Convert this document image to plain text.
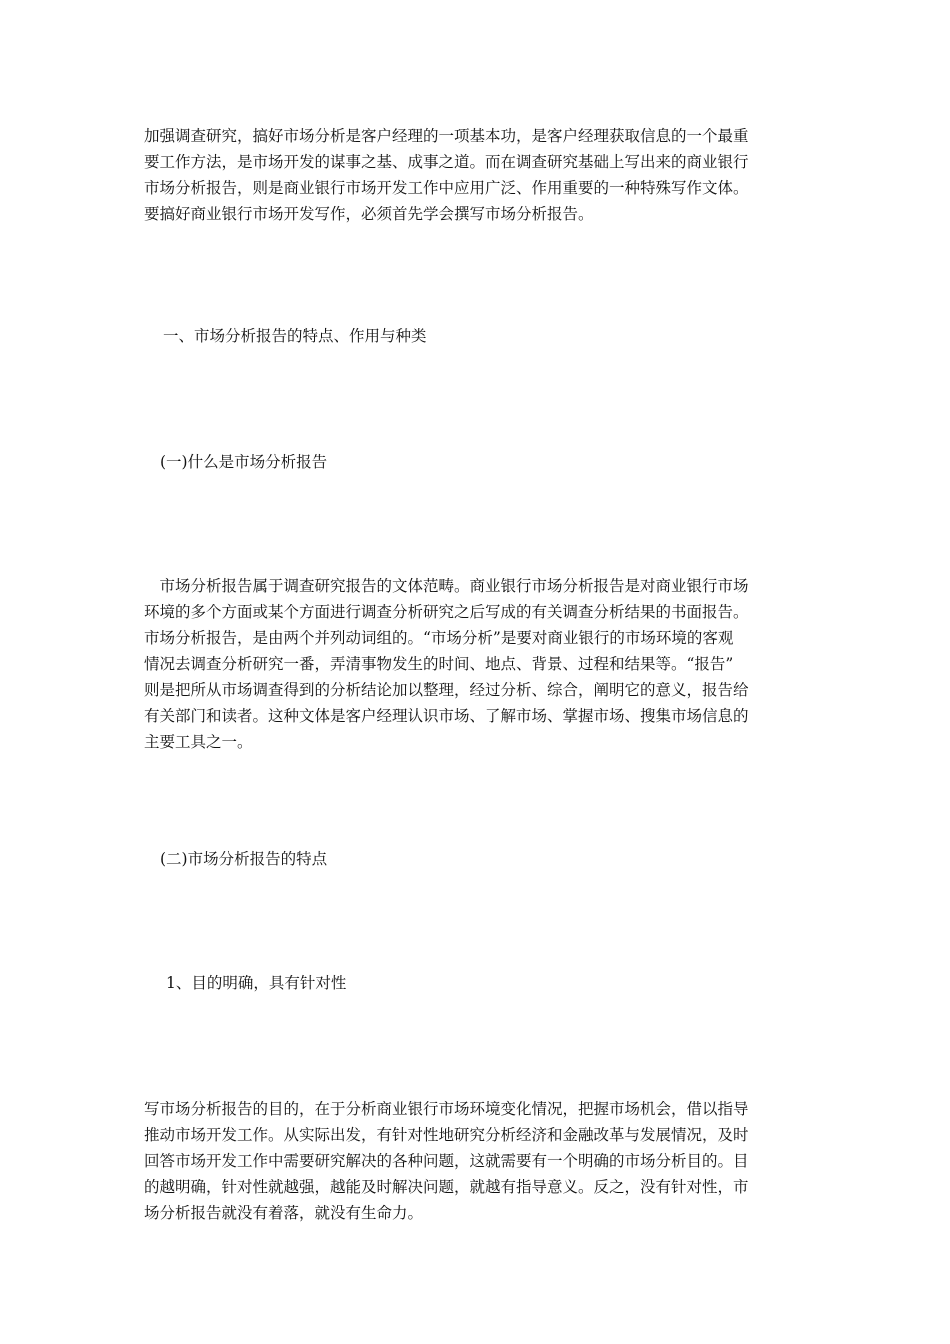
加强调查研究，搞好市场分析是客户经理的一项基本功，是客户经理获取信息的一个最重
要工作方法，是市场开发的谋事之基、成事之道。而在调查研究基础上写出来的商业银行
市场分析报告，则是商业银行市场开发工作中应用广泛、作用重要的一种特殊写作文体。
要搞好商业银行市场开发写作，必须首先学会撰写市场分析报告。
一、市场分析报告的特点、作用与种类
(一)什么是市场分析报告
　市场分析报告属于调查研究报告的文体范畴。商业银行市场分析报告是对商业银行市场
环境的多个方面或某个方面进行调查分析研究之后写成的有关调查分析结果的书面报告。
市场分析报告，是由两个并列动词组的。“市场分析”是要对商业银行的市场环境的客观
情况去调查分析研究一番，弄清事物发生的时间、地点、背景、过程和结果等。“报告”
则是把所从市场调查得到的分析结论加以整理，经过分析、综合，阐明它的意义，报告给
有关部门和读者。这种文体是客户经理认识市场、了解市场、掌握市场、搜集市场信息的
主要工具之一。
(二)市场分析报告的特点
1、目的明确，具有针对性
写市场分析报告的目的，在于分析商业银行市场环境变化情况，把握市场机会，借以指导
推动市场开发工作。从实际出发，有针对性地研究分析经济和金融改革与发展情况，及时
回答市场开发工作中需要研究解决的各种问题，这就需要有一个明确的市场分析目的。目
的越明确，针对性就越强，越能及时解决问题，就越有指导意义。反之，没有针对性，市
场分析报告就没有着落，就没有生命力。
